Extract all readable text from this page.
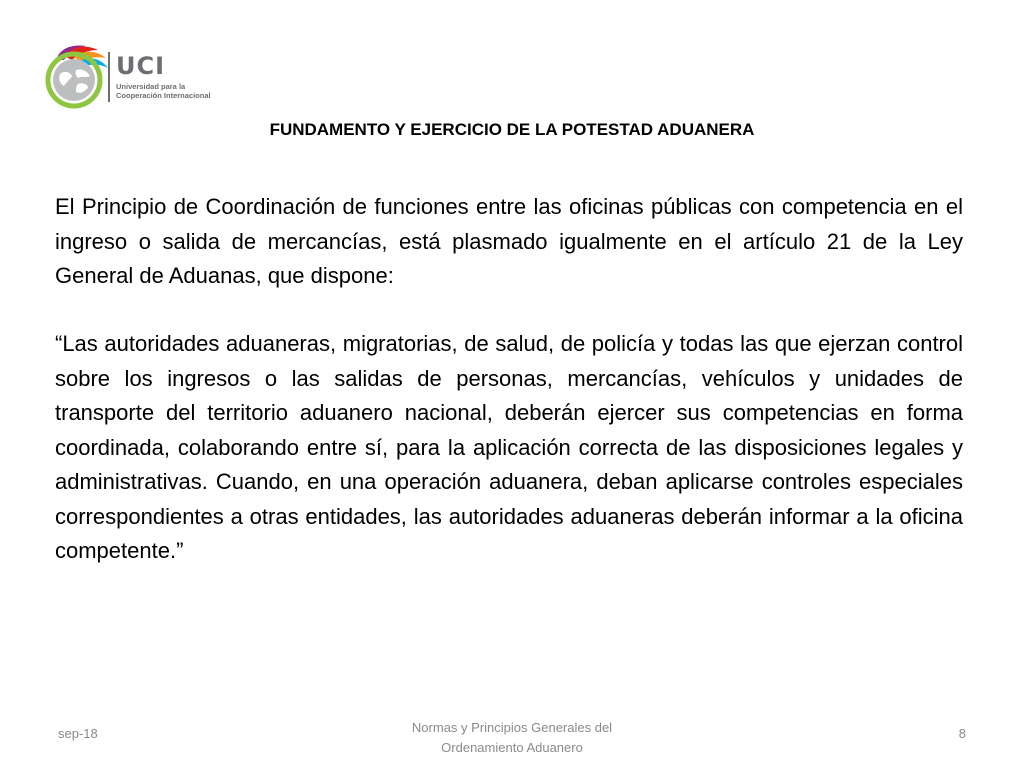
UCI
Universidad para la
Cooperación Internacional
FUNDAMENTO Y EJERCICIO DE LA POTESTAD ADUANERA

El Principio de Coordinación de funciones entre las oficinas públicas con competencia en el ingreso o salida de mercancías, está plasmado igualmente en el artículo 21 de la Ley General de Aduanas, que dispone:

“Las autoridades aduaneras, migratorias, de salud, de policía y todas las que ejerzan control sobre los ingresos o las salidas de personas, mercancías, vehículos y unidades de transporte del territorio aduanero nacional, deberán ejercer sus competencias en forma coordinada, colaborando entre sí, para la aplicación correcta de las disposiciones legales y administrativas. Cuando, en una operación aduanera, deban aplicarse controles especiales correspondientes a otras entidades, las autoridades aduaneras deberán informar a la oficina competente.”

sep-18	Normas y Principios Generales del
Ordenamiento Aduanero
8
